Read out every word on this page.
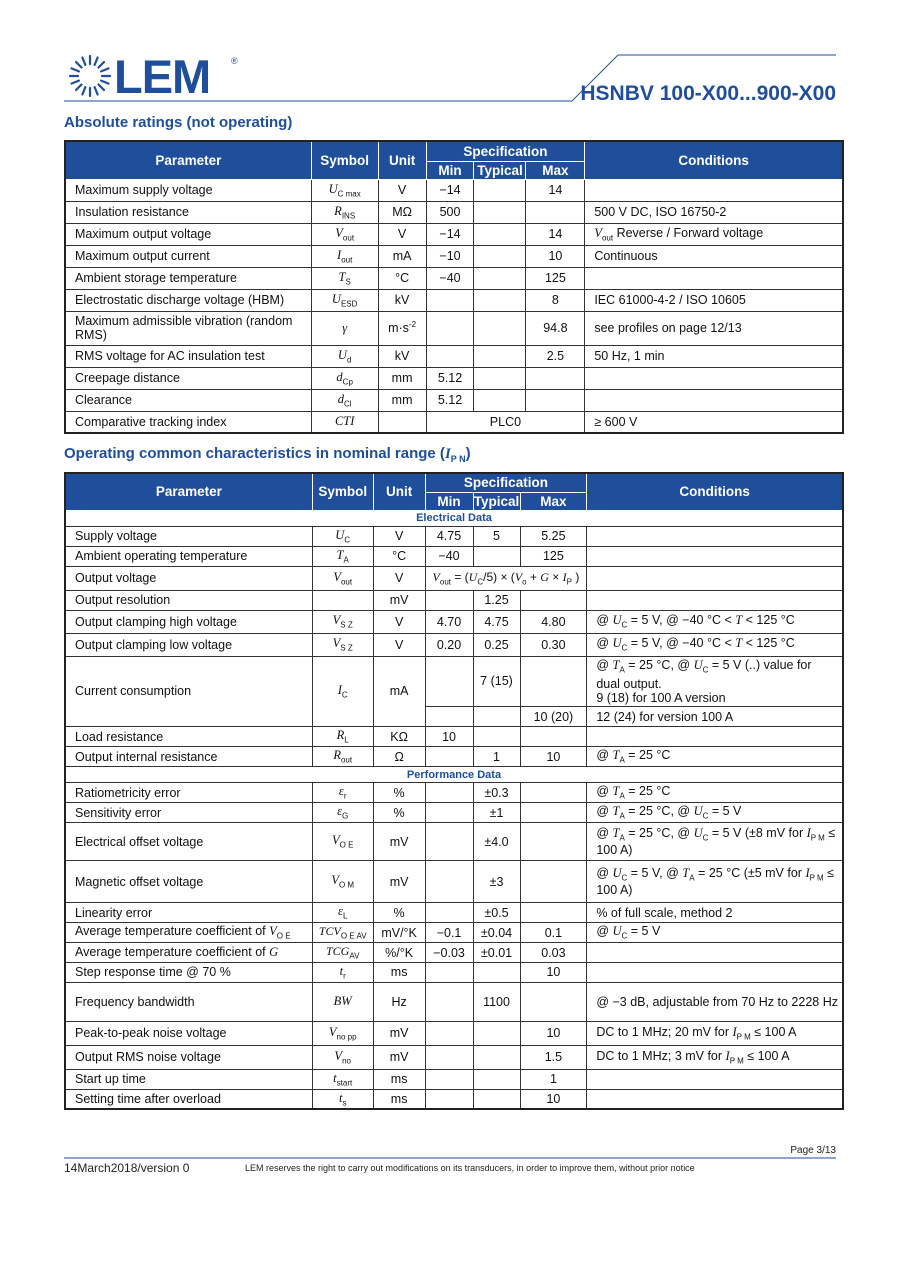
LEM ®
HSNBV 100-X00...900-X00
Absolute ratings (not operating)
Parameter	Symbol	Unit	Specification			Conditions
			Min	Typical	Max	
Maximum supply voltage	$U_{C max}$	V	−14		14	
Insulation resistance	$R_{INS}$	MΩ	500			500 V DC, ISO 16750-2
Maximum output voltage	$V_{out}$	V	−14		14	$V_{out}$ Reverse / Forward voltage
Maximum output current	$I_{out}$	mA	−10		10	Continuous
Ambient storage temperature	$T_S$	°C	−40		125	
Electrostatic discharge voltage (HBM)	$U_{ESD}$	kV			8	IEC 61000-4-2 / ISO 10605
Maximum admissible vibration (random RMS)	γ	$m\cdot s^{-2}$			94.8	see profiles on page 12/13
RMS voltage for AC insulation test	$U_d$	kV			2.5	50 Hz, 1 min
Creepage distance	$d_{Cp}$	mm	5.12			
Clearance	$d_{Cl}$	mm	5.12			
Comparative tracking index	CTI		PLC0			≥ 600 V
Operating common characteristics in nominal range $(I_{P N})$
Parameter	Symbol	Unit	Specification			Conditions
			Min	Typical	Max	
Electrical Data						
Supply voltage	$U_C$	V	4.75	5	5.25	
Ambient operating temperature	$T_A$	°C	−40		125	
Output voltage	$V_{out}$	V	$V_{out} = (U_C/5) \times (V_o + G \times I_P$ )			
Output resolution		mV		1.25		
Output clamping high voltage	$V_{S Z}$	V	4.70	4.75	4.80	@ $U_C = 5$ V, @ −40 °C < T < 125 °C
Output clamping low voltage	$V_{S Z}$	V	0.20	0.25	0.30	@ $U_C = 5$ V, @ −40 °C < T < 125 °C
Current consumption	$I_C$	mA		7 (15)		@ $T_A = 25$ °C, @ $U_C = 5$ V (..) value for dual output.
9 (18) for 100 A version
					10 (20)	12 (24) for version 100 A
Load resistance	$R_L$	KΩ	10			
Output internal resistance	$R_{out}$	Ω		1	10	@ $T_A = 25$ °C
Performance Data						
Ratiometricity error	$\varepsilon_r$	%		±0.3		@ $T_A = 25$ °C
Sensitivity error	$\varepsilon_G$	%		±1		@ $T_A = 25$ °C, @ $U_C = 5$ V
Electrical offset voltage	$V_{O E}$	mV		±4.0		@ $T_A = 25$ °C, @ $U_C = 5$ V (±8 mV for $I_{P M} \le 100$ A)
Magnetic offset voltage	$V_{O M}$	mV		±3		@ $U_C = 5$ V, @ $T_A = 25$ °C (±5 mV for $I_{P M} \le 100$ A)
Linearity error	$\varepsilon_L$	%		±0.5		% of full scale, method 2
Average temperature coefficient of $V_{O E}$	$TCV_{O E AV}$	mV/°K	−0.1	±0.04	0.1	@ $U_C = 5$ V
Average temperature coefficient of G	$TCG_{AV}$	%/°K	−0.03	±0.01	0.03	
Step response time @ 70 %	$t_r$	ms			10	
Frequency bandwidth	BW	Hz		1100		@ −3 dB, adjustable from 70 Hz to 2228 Hz
Peak-to-peak noise voltage	$V_{no pp}$	mV			10	DC to 1 MHz; 20 mV for $I_{P M} \le 100$ A
Output RMS noise voltage	$V_{no}$	mV			1.5	DC to 1 MHz; 3 mV for $I_{P M} \le 100$ A
Start up time	$t_{start}$	ms			1	
Setting time after overload	$t_s$	ms			10	
Page 3/13
14March2018/version 0	LEM reserves the right to carry out modifications on its transducers, in order to improve them, without prior notice
